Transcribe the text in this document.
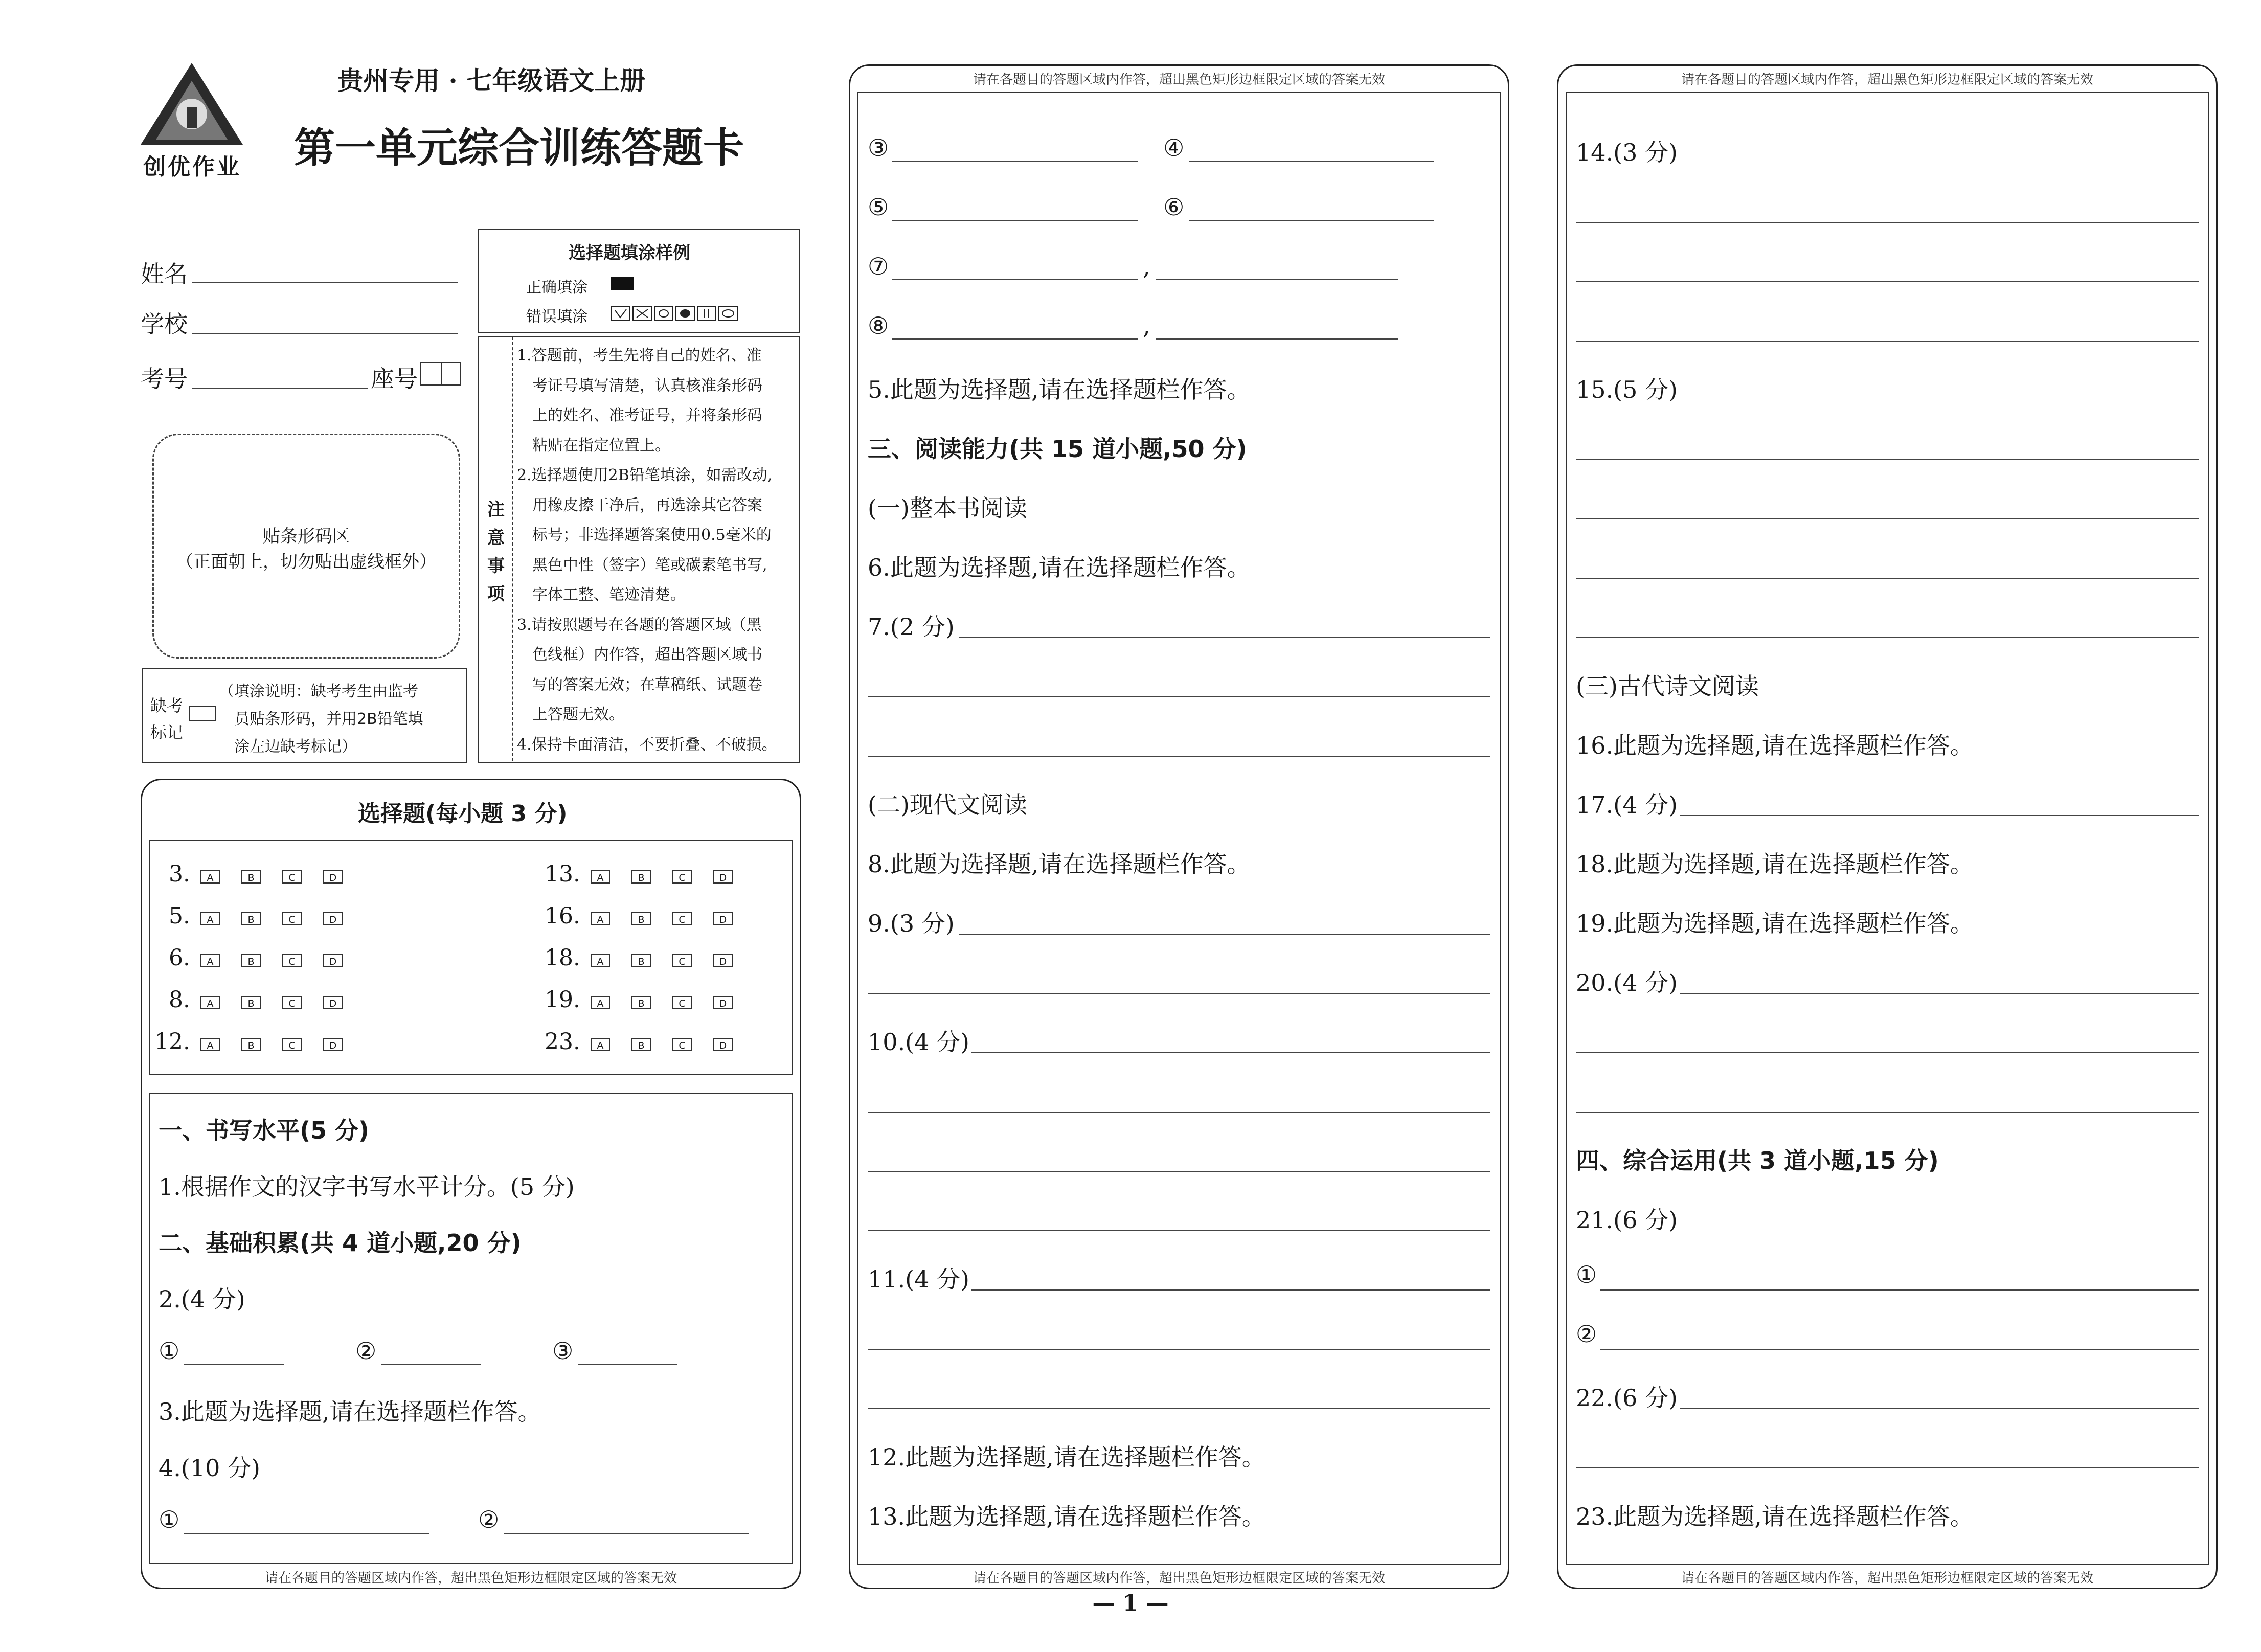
创优作业
贵州专用 · 七年级语文上册
第一单元综合训练答题卡
姓名
学校
考号	座号
选择题填涂样例
正确填涂
错误填涂
注
意
事
项
1.答题前，考生先将自己的姓名、准
考证号填写清楚，认真核准条形码
上的姓名、准考证号，并将条形码
粘贴在指定位置上。
2.选择题使用2B铅笔填涂，如需改动,
用橡皮擦干净后，再选涂其它答案
标号；非选择题答案使用0.5毫米的
黑色中性（签字）笔或碳素笔书写,
字体工整、笔迹清楚。
3.请按照题号在各题的答题区域（黑
色线框）内作答，超出答题区域书
写的答案无效；在草稿纸、试题卷
上答题无效。
4.保持卡面清洁，不要折叠、不破损。
贴条形码区
（正面朝上，切勿贴出虚线框外）
缺考
标记
（填涂说明：缺考考生由监考
员贴条形码，并用2B铅笔填
涂左边缺考标记）
选择题(每小题 3 分)
3.	A	B	C	D
5.	A	B	C	D
6.	A	B	C	D
8.	A	B	C	D
12.	A	B	C	D
13.	A	B	C	D
16.	A	B	C	D
18.	A	B	C	D
19.	A	B	C	D
23.	A	B	C	D
一、书写水平(5 分)
1.根据作文的汉字书写水平计分。(5 分)
二、基础积累(共 4 道小题,20 分)
2.(4 分)
①	②	③
3.此题为选择题,请在选择题栏作答。
4.(10 分)
①	②
请在各题目的答题区域内作答，超出黑色矩形边框限定区域的答案无效
请在各题目的答题区域内作答，超出黑色矩形边框限定区域的答案无效
请在各题目的答题区域内作答，超出黑色矩形边框限定区域的答案无效
③	④
⑤	⑥
⑦	,
⑧	,
5.此题为选择题,请在选择题栏作答。
三、阅读能力(共 15 道小题,50 分)
(一)整本书阅读
6.此题为选择题,请在选择题栏作答。
7.(2 分)
(二)现代文阅读
8.此题为选择题,请在选择题栏作答。
9.(3 分)
10.(4 分)
11.(4 分)
12.此题为选择题,请在选择题栏作答。
13.此题为选择题,请在选择题栏作答。
请在各题目的答题区域内作答，超出黑色矩形边框限定区域的答案无效
请在各题目的答题区域内作答，超出黑色矩形边框限定区域的答案无效
14.(3 分)
15.(5 分)
(三)古代诗文阅读
16.此题为选择题,请在选择题栏作答。
17.(4 分)
18.此题为选择题,请在选择题栏作答。
19.此题为选择题,请在选择题栏作答。
20.(4 分)
四、综合运用(共 3 道小题,15 分)
21.(6 分)
①
②
22.(6 分)
23.此题为选择题,请在选择题栏作答。
— 1 —
